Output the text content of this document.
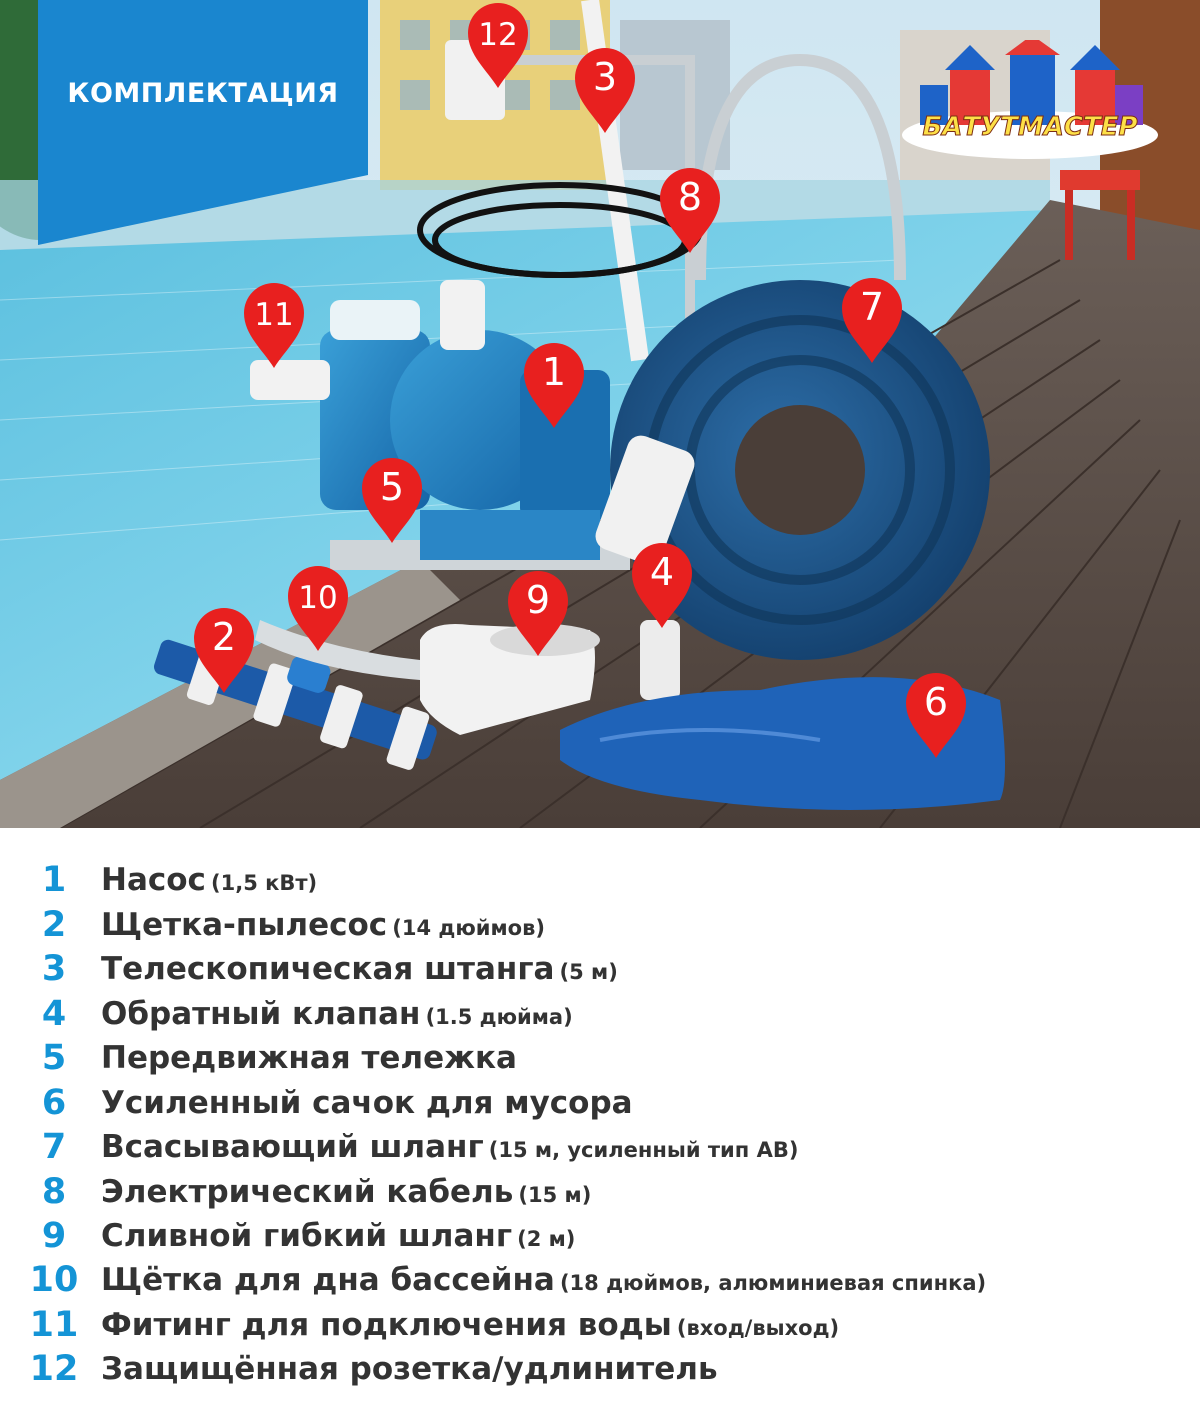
КОМПЛЕКТАЦИЯ
БАТУТМАСТЕР
1
2
3
4
5
6
7
8
9
10
11
12
1	Насос (1,5 кВт)
2	Щетка-пылесос (14 дюймов)
3	Телескопическая штанга (5 м)
4	Обратный клапан (1.5 дюйма)
5	Передвижная тележка
6	Усиленный сачок для мусора
7	Всасывающий шланг (15 м, усиленный тип АВ)
8	Электрический кабель (15 м)
9	Сливной гибкий шланг (2 м)
10 Щётка для дна бассейна (18 дюймов, алюминиевая спинка)
11 Фитинг для подключения воды (вход/выход)
12 Защищённая розетка/удлинитель
